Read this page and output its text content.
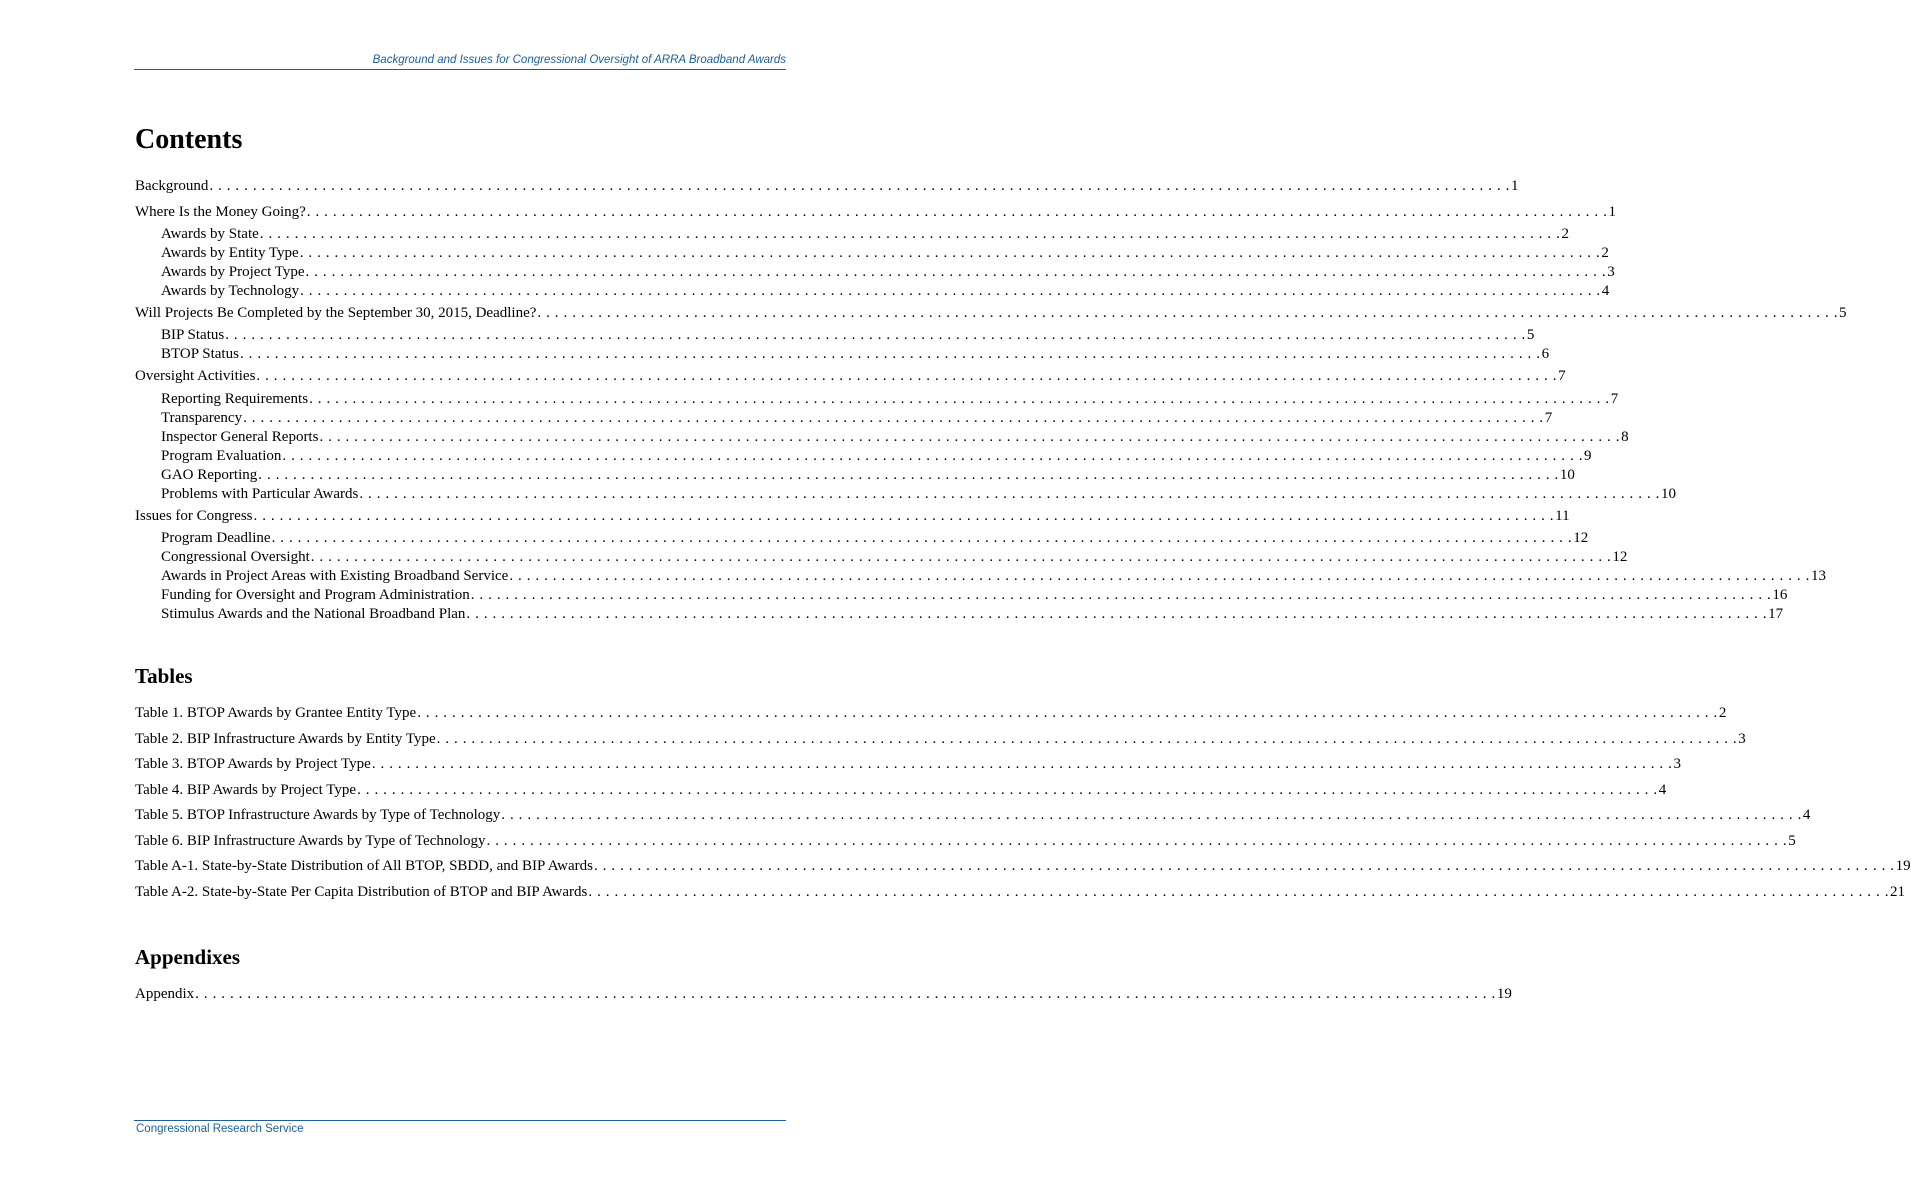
Background and Issues for Congressional Oversight of ARRA Broadband Awards
Contents
Background . . . . . . . . . . . . . . . . . . . . . . . . . . . . . . . . . . . . . . . . . . . . . . . . . . . . . . . . . . . . . . . . . . . . . . . . . . . . . . . . . . . . . . . . . . . . . . . . . . . . . . . . . . . . . . . . . . . . . . . . . . . . . . . . . . . . . . . . . . . . . . . . . . . . . . 1
Where Is the Money Going? . . . . . . . . . . . . . . . . . . . . . . . . . . . . . . . . . . . . . . . . . . . . . . . . . . . . . . . . . . . . . . . . . . . . . . . . . . . . . . . . . . . . . . . . . . . . . . . . . . . . . . . . . . . . . . . . . . . . . . . . . . . . . . . . . . . . . . . . . . . . . . . . . . . . . . 1
Awards by State . . . . . . . . . . . . . . . . . . . . . . . . . . . . . . . . . . . . . . . . . . . . . . . . . . . . . . . . . . . . . . . . . . . . . . . . . . . . . . . . . . . . . . . . . . . . . . . . . . . . . . . . . . . . . . . . . . . . . . . . . . . . . . . . . . . . . . . . . . . . . . . . . . . . . . 2
Awards by Entity Type . . . . . . . . . . . . . . . . . . . . . . . . . . . . . . . . . . . . . . . . . . . . . . . . . . . . . . . . . . . . . . . . . . . . . . . . . . . . . . . . . . . . . . . . . . . . . . . . . . . . . . . . . . . . . . . . . . . . . . . . . . . . . . . . . . . . . . . . . . . . . . . . . . . . . . 2
Awards by Project Type . . . . . . . . . . . . . . . . . . . . . . . . . . . . . . . . . . . . . . . . . . . . . . . . . . . . . . . . . . . . . . . . . . . . . . . . . . . . . . . . . . . . . . . . . . . . . . . . . . . . . . . . . . . . . . . . . . . . . . . . . . . . . . . . . . . . . . . . . . . . . . . . . . . . . . 3
Awards by Technology . . . . . . . . . . . . . . . . . . . . . . . . . . . . . . . . . . . . . . . . . . . . . . . . . . . . . . . . . . . . . . . . . . . . . . . . . . . . . . . . . . . . . . . . . . . . . . . . . . . . . . . . . . . . . . . . . . . . . . . . . . . . . . . . . . . . . . . . . . . . . . . . . . . . . . 4
Will Projects Be Completed by the September 30, 2015, Deadline? . . . . . . . . . . . . . . . . . . . . . . . . . . . . . . . . . . . . . . . . . . . . . . . . . . . . . . . . . . . . . . . . . . . . . . . . . . . . . . . . . . . . . . . . . . . . . . . . . . . . . . . . . . . . . . . . . . . . . . . . . . . . . . . . . . . . . . . . . . . . . . . . . . . . . . 5
BIP Status . . . . . . . . . . . . . . . . . . . . . . . . . . . . . . . . . . . . . . . . . . . . . . . . . . . . . . . . . . . . . . . . . . . . . . . . . . . . . . . . . . . . . . . . . . . . . . . . . . . . . . . . . . . . . . . . . . . . . . . . . . . . . . . . . . . . . . . . . . . . . . . . . . . . . . 5
BTOP Status . . . . . . . . . . . . . . . . . . . . . . . . . . . . . . . . . . . . . . . . . . . . . . . . . . . . . . . . . . . . . . . . . . . . . . . . . . . . . . . . . . . . . . . . . . . . . . . . . . . . . . . . . . . . . . . . . . . . . . . . . . . . . . . . . . . . . . . . . . . . . . . . . . . . . . 6
Oversight Activities . . . . . . . . . . . . . . . . . . . . . . . . . . . . . . . . . . . . . . . . . . . . . . . . . . . . . . . . . . . . . . . . . . . . . . . . . . . . . . . . . . . . . . . . . . . . . . . . . . . . . . . . . . . . . . . . . . . . . . . . . . . . . . . . . . . . . . . . . . . . . . . . . . . . . . 7
Reporting Requirements . . . . . . . . . . . . . . . . . . . . . . . . . . . . . . . . . . . . . . . . . . . . . . . . . . . . . . . . . . . . . . . . . . . . . . . . . . . . . . . . . . . . . . . . . . . . . . . . . . . . . . . . . . . . . . . . . . . . . . . . . . . . . . . . . . . . . . . . . . . . . . . . . . . . . . 7
Transparency . . . . . . . . . . . . . . . . . . . . . . . . . . . . . . . . . . . . . . . . . . . . . . . . . . . . . . . . . . . . . . . . . . . . . . . . . . . . . . . . . . . . . . . . . . . . . . . . . . . . . . . . . . . . . . . . . . . . . . . . . . . . . . . . . . . . . . . . . . . . . . . . . . . . . . 7
Inspector General Reports . . . . . . . . . . . . . . . . . . . . . . . . . . . . . . . . . . . . . . . . . . . . . . . . . . . . . . . . . . . . . . . . . . . . . . . . . . . . . . . . . . . . . . . . . . . . . . . . . . . . . . . . . . . . . . . . . . . . . . . . . . . . . . . . . . . . . . . . . . . . . . . . . . . . . . 8
Program Evaluation . . . . . . . . . . . . . . . . . . . . . . . . . . . . . . . . . . . . . . . . . . . . . . . . . . . . . . . . . . . . . . . . . . . . . . . . . . . . . . . . . . . . . . . . . . . . . . . . . . . . . . . . . . . . . . . . . . . . . . . . . . . . . . . . . . . . . . . . . . . . . . . . . . . . . . 9
GAO Reporting . . . . . . . . . . . . . . . . . . . . . . . . . . . . . . . . . . . . . . . . . . . . . . . . . . . . . . . . . . . . . . . . . . . . . . . . . . . . . . . . . . . . . . . . . . . . . . . . . . . . . . . . . . . . . . . . . . . . . . . . . . . . . . . . . . . . . . . . . . . . . . . . . . . . . . 10
Problems with Particular Awards . . . . . . . . . . . . . . . . . . . . . . . . . . . . . . . . . . . . . . . . . . . . . . . . . . . . . . . . . . . . . . . . . . . . . . . . . . . . . . . . . . . . . . . . . . . . . . . . . . . . . . . . . . . . . . . . . . . . . . . . . . . . . . . . . . . . . . . . . . . . . . . . . . . . . . 10
Issues for Congress . . . . . . . . . . . . . . . . . . . . . . . . . . . . . . . . . . . . . . . . . . . . . . . . . . . . . . . . . . . . . . . . . . . . . . . . . . . . . . . . . . . . . . . . . . . . . . . . . . . . . . . . . . . . . . . . . . . . . . . . . . . . . . . . . . . . . . . . . . . . . . . . . . . . . . 11
Program Deadline . . . . . . . . . . . . . . . . . . . . . . . . . . . . . . . . . . . . . . . . . . . . . . . . . . . . . . . . . . . . . . . . . . . . . . . . . . . . . . . . . . . . . . . . . . . . . . . . . . . . . . . . . . . . . . . . . . . . . . . . . . . . . . . . . . . . . . . . . . . . . . . . . . . . . . 12
Congressional Oversight . . . . . . . . . . . . . . . . . . . . . . . . . . . . . . . . . . . . . . . . . . . . . . . . . . . . . . . . . . . . . . . . . . . . . . . . . . . . . . . . . . . . . . . . . . . . . . . . . . . . . . . . . . . . . . . . . . . . . . . . . . . . . . . . . . . . . . . . . . . . . . . . . . . . . . 12
Awards in Project Areas with Existing Broadband Service . . . . . . . . . . . . . . . . . . . . . . . . . . . . . . . . . . . . . . . . . . . . . . . . . . . . . . . . . . . . . . . . . . . . . . . . . . . . . . . . . . . . . . . . . . . . . . . . . . . . . . . . . . . . . . . . . . . . . . . . . . . . . . . . . . . . . . . . . . . . . . . . . . . . . . 13
Funding for Oversight and Program Administration . . . . . . . . . . . . . . . . . . . . . . . . . . . . . . . . . . . . . . . . . . . . . . . . . . . . . . . . . . . . . . . . . . . . . . . . . . . . . . . . . . . . . . . . . . . . . . . . . . . . . . . . . . . . . . . . . . . . . . . . . . . . . . . . . . . . . . . . . . . . . . . . . . . . . . 16
Stimulus Awards and the National Broadband Plan . . . . . . . . . . . . . . . . . . . . . . . . . . . . . . . . . . . . . . . . . . . . . . . . . . . . . . . . . . . . . . . . . . . . . . . . . . . . . . . . . . . . . . . . . . . . . . . . . . . . . . . . . . . . . . . . . . . . . . . . . . . . . . . . . . . . . . . . . . . . . . . . . . . . . . 17
Tables
Table 1. BTOP Awards by Grantee Entity Type . . . . . . . . . . . . . . . . . . . . . . . . . . . . . . . . . . . . . . . . . . . . . . . . . . . . . . . . . . . . . . . . . . . . . . . . . . . . . . . . . . . . . . . . . . . . . . . . . . . . . . . . . . . . . . . . . . . . . . . . . . . . . . . . . . . . . . . . . . . . . . . . . . . . . . 2
Table 2. BIP Infrastructure Awards by Entity Type . . . . . . . . . . . . . . . . . . . . . . . . . . . . . . . . . . . . . . . . . . . . . . . . . . . . . . . . . . . . . . . . . . . . . . . . . . . . . . . . . . . . . . . . . . . . . . . . . . . . . . . . . . . . . . . . . . . . . . . . . . . . . . . . . . . . . . . . . . . . . . . . . . . . . . 3
Table 3. BTOP Awards by Project Type . . . . . . . . . . . . . . . . . . . . . . . . . . . . . . . . . . . . . . . . . . . . . . . . . . . . . . . . . . . . . . . . . . . . . . . . . . . . . . . . . . . . . . . . . . . . . . . . . . . . . . . . . . . . . . . . . . . . . . . . . . . . . . . . . . . . . . . . . . . . . . . . . . . . . . 3
Table 4. BIP Awards by Project Type . . . . . . . . . . . . . . . . . . . . . . . . . . . . . . . . . . . . . . . . . . . . . . . . . . . . . . . . . . . . . . . . . . . . . . . . . . . . . . . . . . . . . . . . . . . . . . . . . . . . . . . . . . . . . . . . . . . . . . . . . . . . . . . . . . . . . . . . . . . . . . . . . . . . . . 4
Table 5. BTOP Infrastructure Awards by Type of Technology . . . . . . . . . . . . . . . . . . . . . . . . . . . . . . . . . . . . . . . . . . . . . . . . . . . . . . . . . . . . . . . . . . . . . . . . . . . . . . . . . . . . . . . . . . . . . . . . . . . . . . . . . . . . . . . . . . . . . . . . . . . . . . . . . . . . . . . . . . . . . . . . . . . . . . 4
Table 6. BIP Infrastructure Awards by Type of Technology . . . . . . . . . . . . . . . . . . . . . . . . . . . . . . . . . . . . . . . . . . . . . . . . . . . . . . . . . . . . . . . . . . . . . . . . . . . . . . . . . . . . . . . . . . . . . . . . . . . . . . . . . . . . . . . . . . . . . . . . . . . . . . . . . . . . . . . . . . . . . . . . . . . . . . 5
Table A-1. State-by-State Distribution of All BTOP, SBDD, and BIP Awards . . . . . . . . . . . . . . . . . . . . . . . . . . . . . . . . . . . . . . . . . . . . . . . . . . . . . . . . . . . . . . . . . . . . . . . . . . . . . . . . . . . . . . . . . . . . . . . . . . . . . . . . . . . . . . . . . . . . . . . . . . . . . . . . . . . . . . . . . . . . . . . . . . . . . . 19
Table A-2. State-by-State Per Capita Distribution of BTOP and BIP Awards . . . . . . . . . . . . . . . . . . . . . . . . . . . . . . . . . . . . . . . . . . . . . . . . . . . . . . . . . . . . . . . . . . . . . . . . . . . . . . . . . . . . . . . . . . . . . . . . . . . . . . . . . . . . . . . . . . . . . . . . . . . . . . . . . . . . . . . . . . . . . . . . . . . . . . 21
Appendixes
Appendix . . . . . . . . . . . . . . . . . . . . . . . . . . . . . . . . . . . . . . . . . . . . . . . . . . . . . . . . . . . . . . . . . . . . . . . . . . . . . . . . . . . . . . . . . . . . . . . . . . . . . . . . . . . . . . . . . . . . . . . . . . . . . . . . . . . . . . . . . . . . . . . . . . . . . . 19
Congressional Research Service
